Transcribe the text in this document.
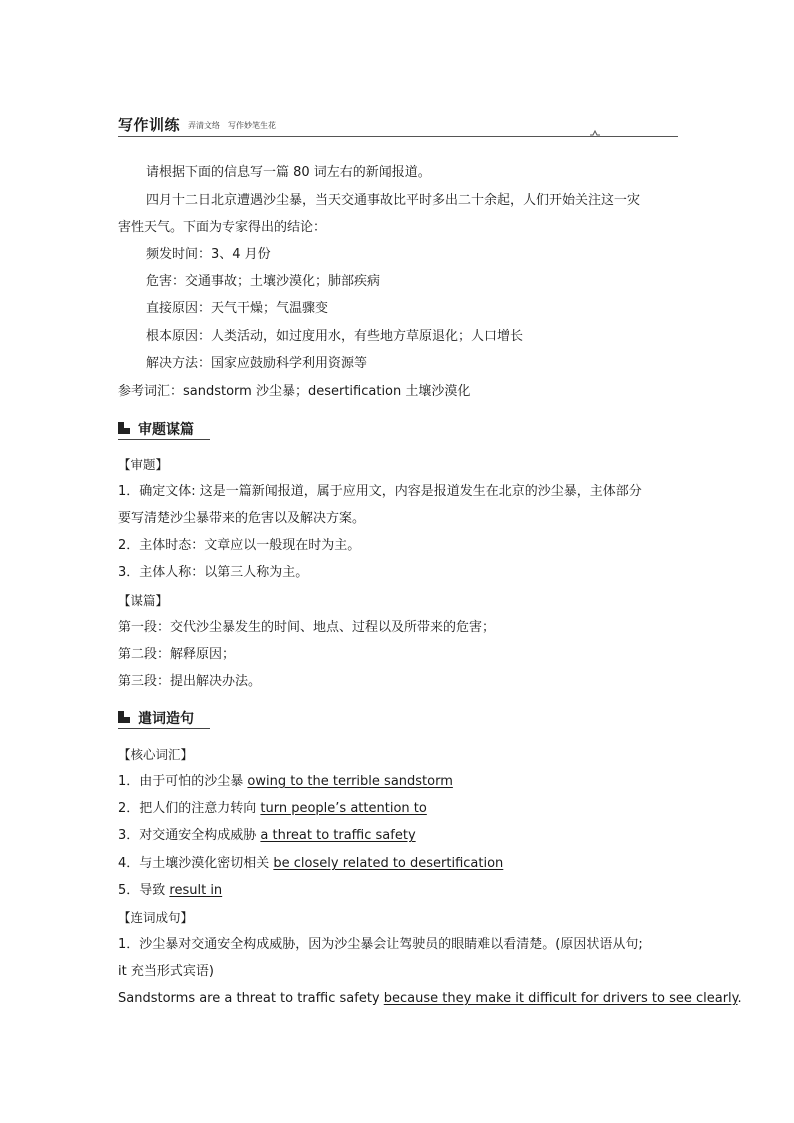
写作训练 弄清文络　写作妙笔生花
请根据下面的信息写一篇 80 词左右的新闻报道。
四月十二日北京遭遇沙尘暴，当天交通事故比平时多出二十余起，人们开始关注这一灾
害性天气。下面为专家得出的结论：
频发时间：3、4 月份
危害：交通事故；土壤沙漠化；肺部疾病
直接原因：天气干燥；气温骤变
根本原因：人类活动，如过度用水，有些地方草原退化；人口增长
解决方法：国家应鼓励科学利用资源等
参考词汇：sandstorm 沙尘暴；desertification 土壤沙漠化
审题谋篇
【审题】
1．确定文体: 这是一篇新闻报道，属于应用文，内容是报道发生在北京的沙尘暴，主体部分
要写清楚沙尘暴带来的危害以及解决方案。
2．主体时态：文章应以一般现在时为主。
3．主体人称：以第三人称为主。
【谋篇】
第一段：交代沙尘暴发生的时间、地点、过程以及所带来的危害；
第二段：解释原因；
第三段：提出解决办法。
遣词造句
【核心词汇】
1．由于可怕的沙尘暴 owing to the terrible sandstorm
2．把人们的注意力转向 turn people’s attention to
3．对交通安全构成威胁 a threat to traffic safety
4．与土壤沙漠化密切相关 be closely related to desertification
5．导致 result in
【连词成句】
1．沙尘暴对交通安全构成威胁，因为沙尘暴会让驾驶员的眼睛难以看清楚。(原因状语从句;
it 充当形式宾语)
Sandstorms are a threat to traffic safety because they make it difficult for drivers to see clearly.
